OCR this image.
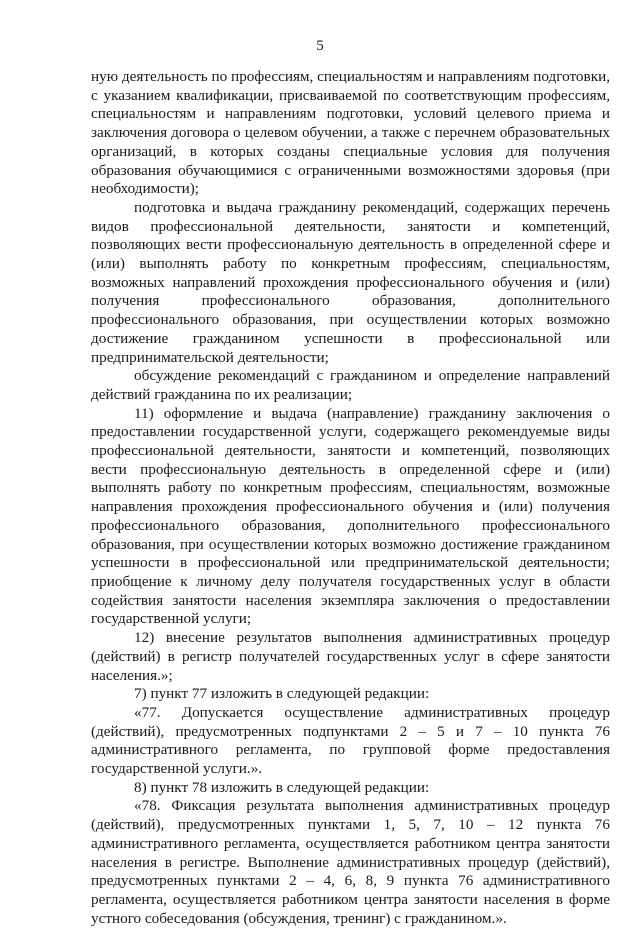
5

ную деятельность по профессиям, специальностям и направлениям подготовки, с указанием квалификации, присваиваемой по соответствующим профессиям, специальностям и направлениям подготовки, условий целевого приема и заключения договора о целевом обучении, а также с перечнем образовательных организаций, в которых созданы специальные условия для получения образования обучающимися с ограниченными возможностями здоровья (при необходимости);

подготовка и выдача гражданину рекомендаций, содержащих перечень видов профессиональной деятельности, занятости и компетенций, позволяющих вести профессиональную деятельность в определенной сфере и (или) выполнять работу по конкретным профессиям, специальностям, возможных направлений прохождения профессионального обучения и (или) получения профессионального образования, дополнительного профессионального образования, при осуществлении которых возможно достижение гражданином успешности в профессиональной или предпринимательской деятельности;

обсуждение рекомендаций с гражданином и определение направлений действий гражданина по их реализации;

11) оформление и выдача (направление) гражданину заключения о предоставлении государственной услуги, содержащего рекомендуемые виды профессиональной деятельности, занятости и компетенций, позволяющих вести профессиональную деятельность в определенной сфере и (или) выполнять работу по конкретным профессиям, специальностям, возможные направления прохождения профессионального обучения и (или) получения профессионального образования, дополнительного профессионального образования, при осуществлении которых возможно достижение гражданином успешности в профессиональной или предпринимательской деятельности; приобщение к личному делу получателя государственных услуг в области содействия занятости населения экземпляра заключения о предоставлении государственной услуги;

12) внесение результатов выполнения административных процедур (действий) в регистр получателей государственных услуг в сфере занятости населения.»;

7) пункт 77 изложить в следующей редакции:

«77. Допускается осуществление административных процедур (действий), предусмотренных подпунктами 2 – 5 и 7 – 10 пункта 76 административного регламента, по групповой форме предоставления государственной услуги.».

8) пункт 78 изложить в следующей редакции:

«78. Фиксация результата выполнения административных процедур (действий), предусмотренных пунктами 1, 5, 7, 10 – 12 пункта 76 административного регламента, осуществляется работником центра занятости населения в регистре. Выполнение административных процедур (действий), предусмотренных пунктами 2 – 4, 6, 8, 9 пункта 76 административного регламента, осуществляется работником центра занятости населения в форме устного собеседования (обсуждения, тренинг) с гражданином.».
